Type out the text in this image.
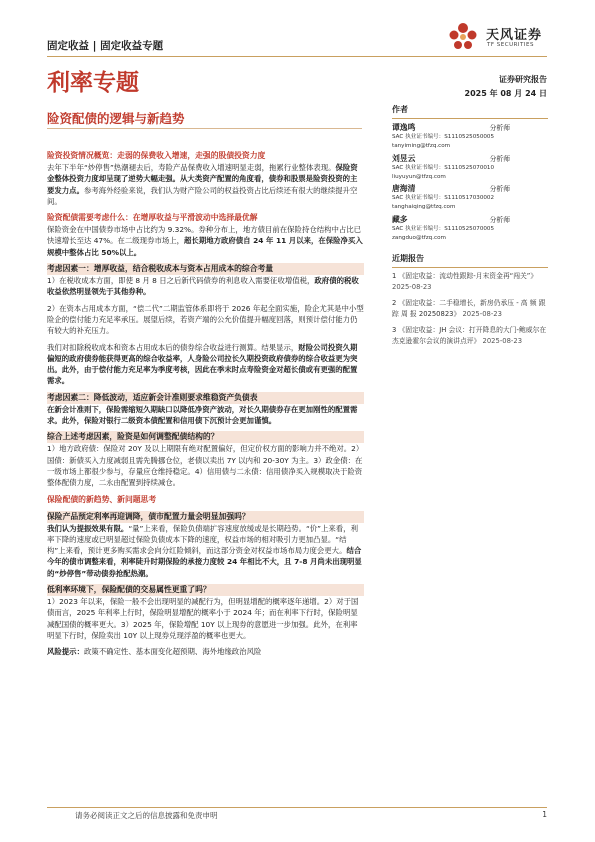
天风证券
TF SECURITIES
固定收益 | 固定收益专题
利率专题	证券研究报告
2025 年 08 月 24 日
险资配债的逻辑与新趋势
险资投资情况概览：走弱的保费收入增速，走强的股债投资力度
去年下半年“炒停售”热潮褪去后，寿险产品保费收入增速明显走弱，拖累行业整体表现。保险资金整体投资力度却呈现了逆势大幅走强。从大类资产配置的角度看，债券和股票是险资投资的主要发力点。参考海外经验来说，我们认为财产险公司的权益投资占比后续还有很大的继续提升空间。
险资配债需要考虑什么：在增厚收益与平滑波动中选择最优解
保险资金在中国债券市场中占比约为 9.32%。券种分布上，地方债目前在保险持仓结构中占比已快速增长至达 47%。在二级现券市场上，超长期地方政府债自 24 年 11 月以来，在保险净买入规模中整体占比 50%以上。
考虑因素一：增厚收益，结合税收成本与资本占用成本的综合考量
1）在税收成本方面，即使 8 月 8 日之后新代码债券的利息收入需要征收增值税，政府债的税收收益依然明显领先于其他券种。
2）在资本占用成本方面，“偿二代”二期监管体系即将于 2026 年起全面实施，险企尤其是中小型险企的偿付能力充足率承压。展望后续，若资产端的公允价值提升幅度回落，则预计偿付能力仍有较大的补充压力。
我们对扣除税收成本和资本占用成本后的债券综合收益进行测算。结果显示，财险公司投资久期偏短的政府债券能获得更高的综合收益率，人身险公司拉长久期投资政府债券的综合收益更为突出。此外，由于偿付能力充足率为季度考核，因此在季末时点寿险资金对超长债或有更强的配置需求。
考虑因素二：降低波动，适应新会计准则要求维稳资产负债表
在新会计准则下，保险需缩短久期缺口以降低净资产波动，对长久期债券存在更加刚性的配置需求。此外，保险对银行二级资本债配置和信用债下沉预计会更加谨慎。
综合上述考虑因素，险资是如何调整配债结构的？
1）地方政府债：保险对 20Y 及以上期限有绝对配置偏好，但定价权方面的影响力并不绝对。2）国债：新债买入力度减弱且需先腾挪仓位，老债以卖出 7Y 以内和 20-30Y 为主。3）政金债：在一级市场上都很少参与，存量应仓维持稳定。4）信用债与二永债：信用债净买入规模取决于险资整体配债力度，二永由配置到持续减仓。
保险配债的新趋势、新问题思考
保险产品预定利率再迎调降，债市配置力量会明显加强吗？
我们认为提振效果有限。“量”上来看，保险负债端扩容速度放缓或是长期趋势。“价”上来看，利率下降的速度或已明显超过保险负债成本下降的速度，权益市场的相对吸引力更加凸显。“结构”上来看，预计更多购买需求会向分红险倾斜，而这部分资金对权益市场布局力度会更大。结合今年的债市调整来看，利率陡升时期保险的承接力度较 24 年相比不大，且 7-8 月尚未出现明显的“炒停售”带动债券抢配热潮。
低利率环境下，保险配债的交易属性更重了吗？
1）2023 年以来，保险一般不会出现明显的减配行为，但明显增配的概率逐年递增。2）对于国债而言，2025 年利率上行时，保险明显增配的概率小于 2024 年；而在利率下行时，保险明显减配国债的概率更大。3）2025 年，保险增配 10Y 以上现券的意愿进一步加强。此外，在利率明显下行时，保险卖出 10Y 以上现券兑现浮盈的概率也更大。
风险提示：政策不确定性、基本面变化超预期、海外地缘政治风险
作者
谭逸鸣	分析师
SAC 执业证书编号：S1110525050005
tanyiming@tfzq.com
刘昱云	分析师
SAC 执业证书编号：S1110525070010
liuyuyun@tfzq.com
唐海清	分析师
SAC 执业证书编号：S1110517030002
tanghaiqing@tfzq.com
藏多	分析师
SAC 执业证书编号：S1110525070005
zangduo@tfzq.com
近期报告
1 《固定收益：流动性跟踪-月末资金再“闯关”》 2025-08-23
2 《固定收益：二手稳增长，新房仍承压 - 高 频 跟 踪 周 报 20250823》 2025-08-23
3 《固定收益：JH 会议：打开降息的大门-鲍威尔在杰克逊霍尔会议的演讲点评》 2025-08-23
请务必阅读正文之后的信息披露和免责申明	1
